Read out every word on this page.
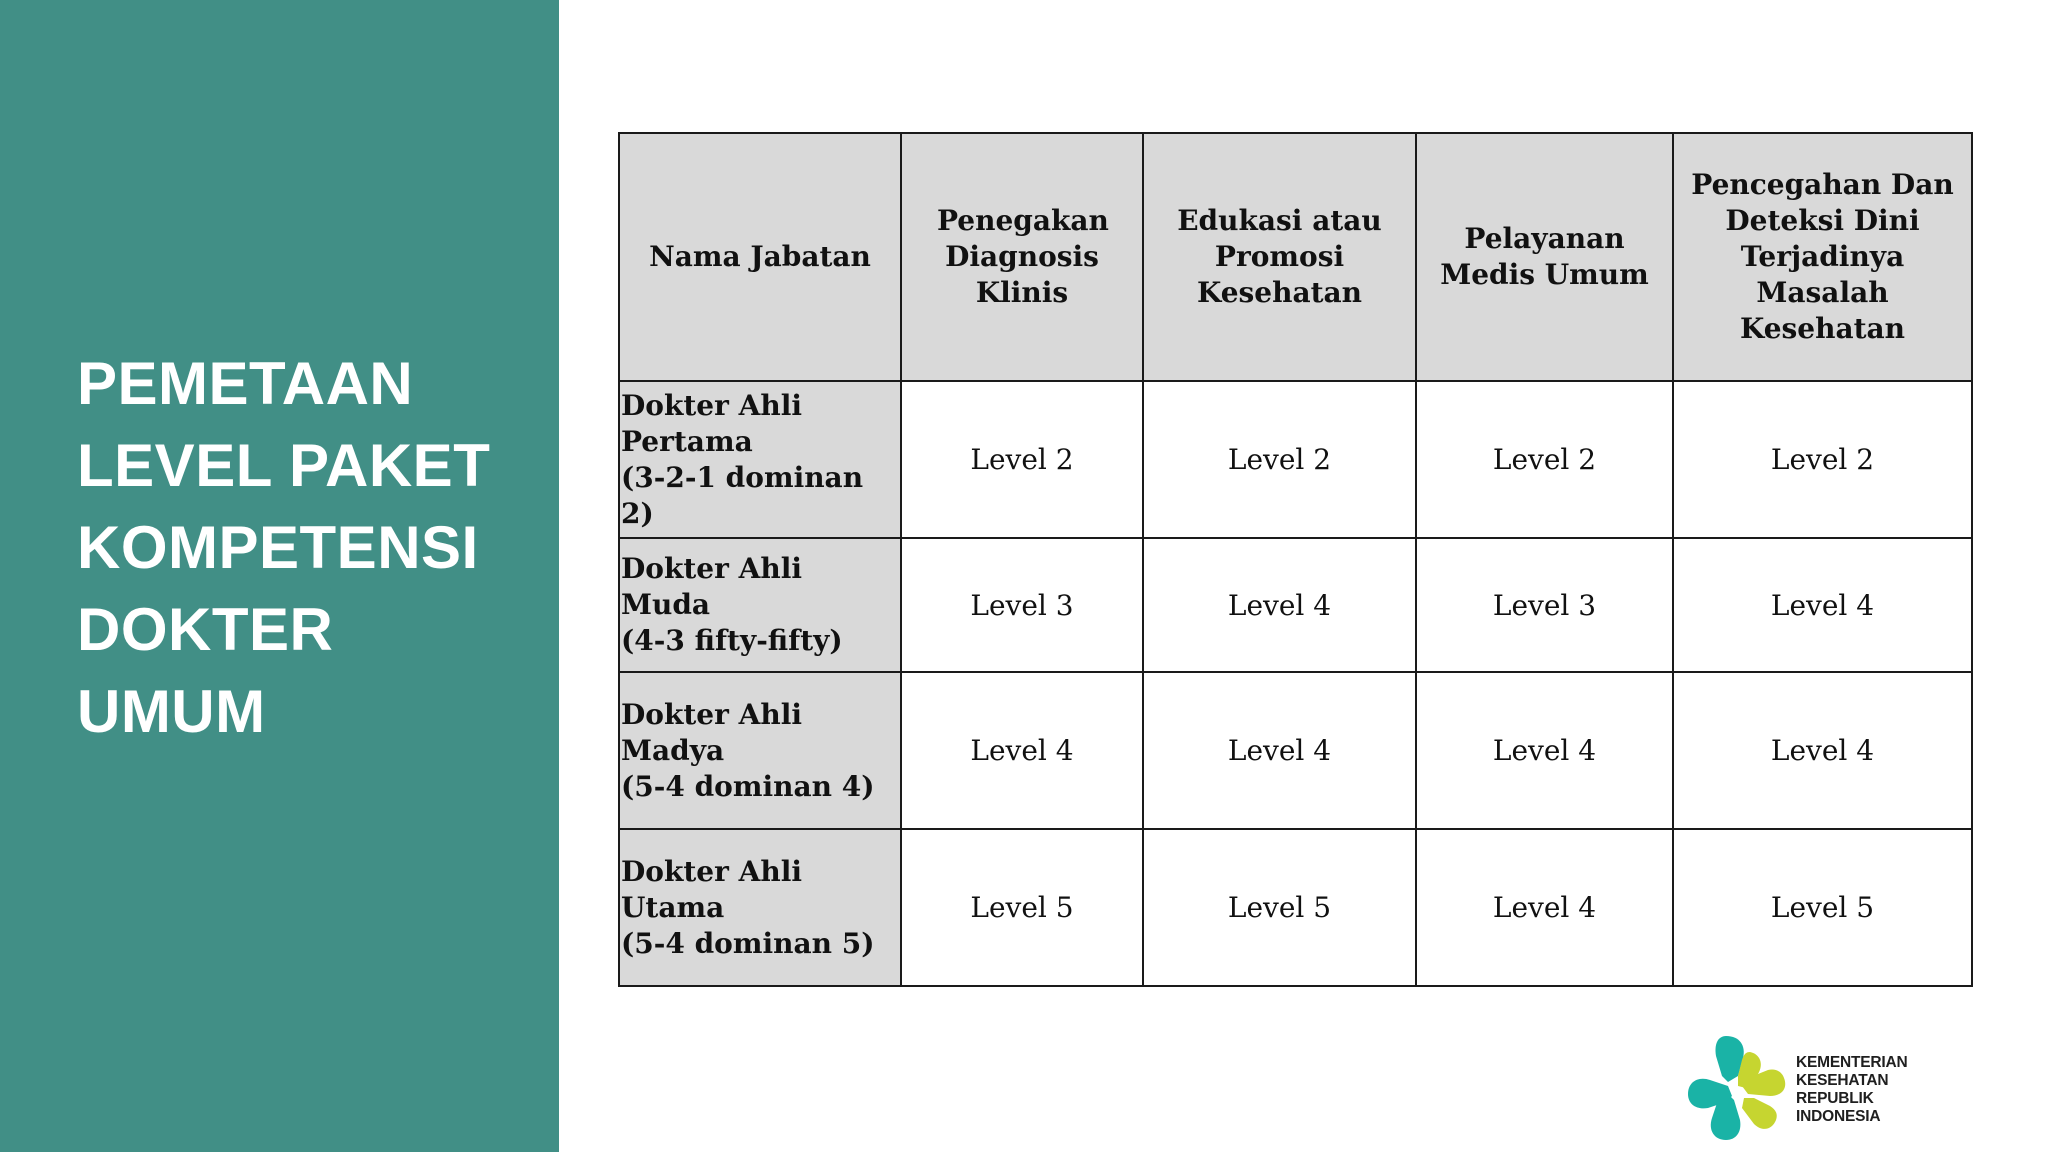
PEMETAAN
LEVEL PAKET
KOMPETENSI
DOKTER
UMUM
Nama Jabatan	Penegakan Diagnosis Klinis	Edukasi atau Promosi Kesehatan	Pelayanan Medis Umum	Pencegahan Dan Deteksi Dini Terjadinya Masalah Kesehatan

Dokter Ahli
Pertama
(3-2-1 dominan 2)	Level 2	Level 2	Level 2	Level 2

Dokter Ahli Muda
(4-3 fifty-fifty)	Level 3	Level 4	Level 3	Level 4

Dokter Ahli
Madya
(5-4 dominan 4)	Level 4	Level 4	Level 4	Level 4

Dokter Ahli
Utama
(5-4 dominan 5)	Level 5	Level 5	Level 4	Level 5
KEMENTERIAN
KESEHATAN
REPUBLIK
INDONESIA
